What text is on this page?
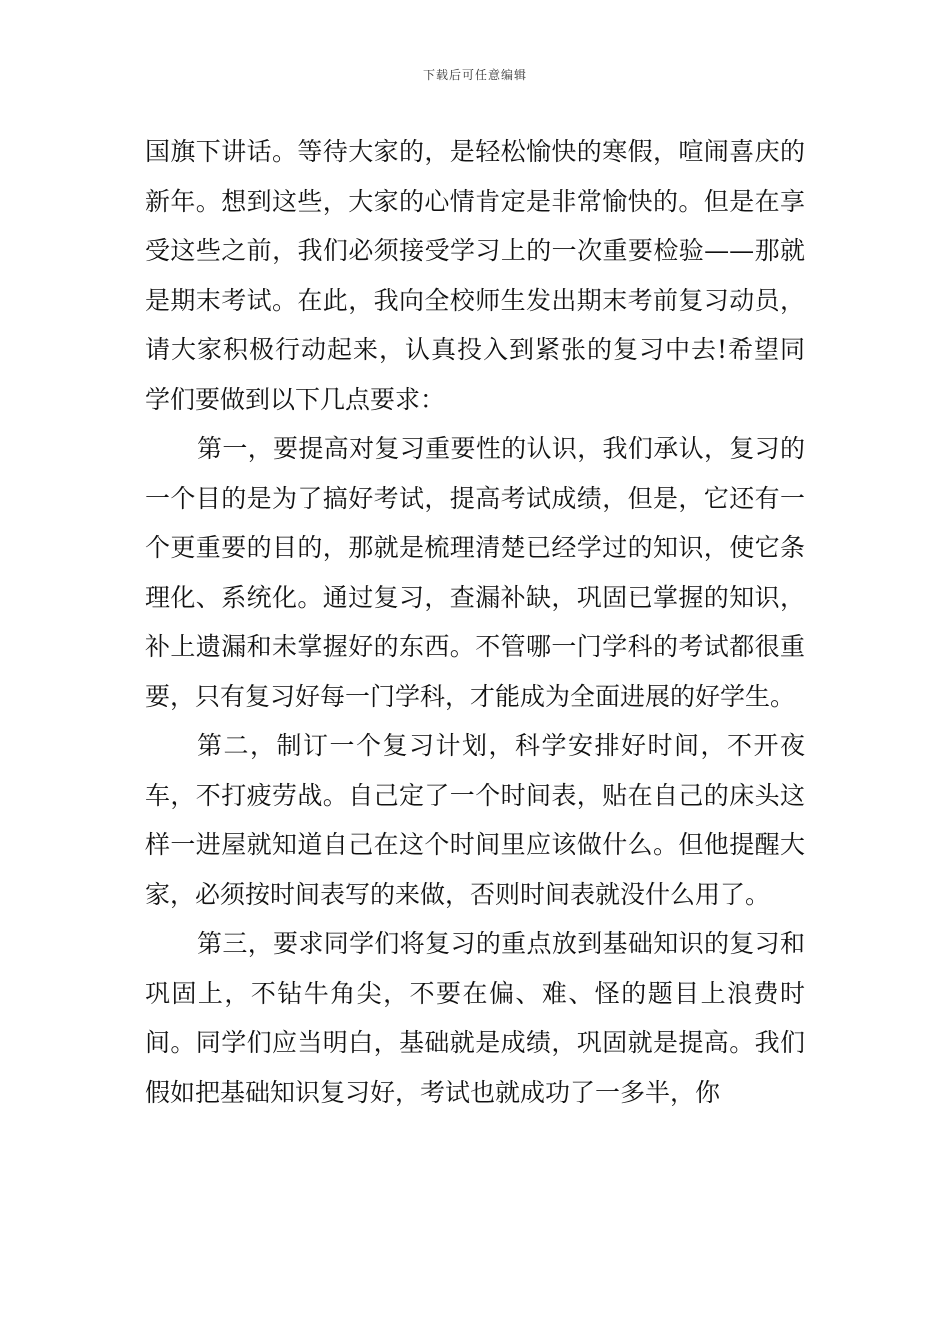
下载后可任意编辑

国旗下讲话。等待大家的，是轻松愉快的寒假，喧闹喜庆的新年。想到这些，大家的心情肯定是非常愉快的。但是在享受这些之前，我们必须接受学习上的一次重要检验——那就是期末考试。在此，我向全校师生发出期末考前复习动员，请大家积极行动起来，认真投入到紧张的复习中去!希望同学们要做到以下几点要求：

第一，要提高对复习重要性的认识，我们承认，复习的一个目的是为了搞好考试，提高考试成绩，但是，它还有一个更重要的目的，那就是梳理清楚已经学过的知识，使它条理化、系统化。通过复习，查漏补缺，巩固已掌握的知识，补上遗漏和未掌握好的东西。不管哪一门学科的考试都很重要，只有复习好每一门学科，才能成为全面进展的好学生。

第二，制订一个复习计划，科学安排好时间，不开夜车，不打疲劳战。自己定了一个时间表，贴在自己的床头这样一进屋就知道自己在这个时间里应该做什么。但他提醒大家，必须按时间表写的来做，否则时间表就没什么用了。

第三，要求同学们将复习的重点放到基础知识的复习和巩固上，不钻牛角尖，不要在偏、难、怪的题目上浪费时间。同学们应当明白，基础就是成绩，巩固就是提高。我们假如把基础知识复习好，考试也就成功了一多半，你
